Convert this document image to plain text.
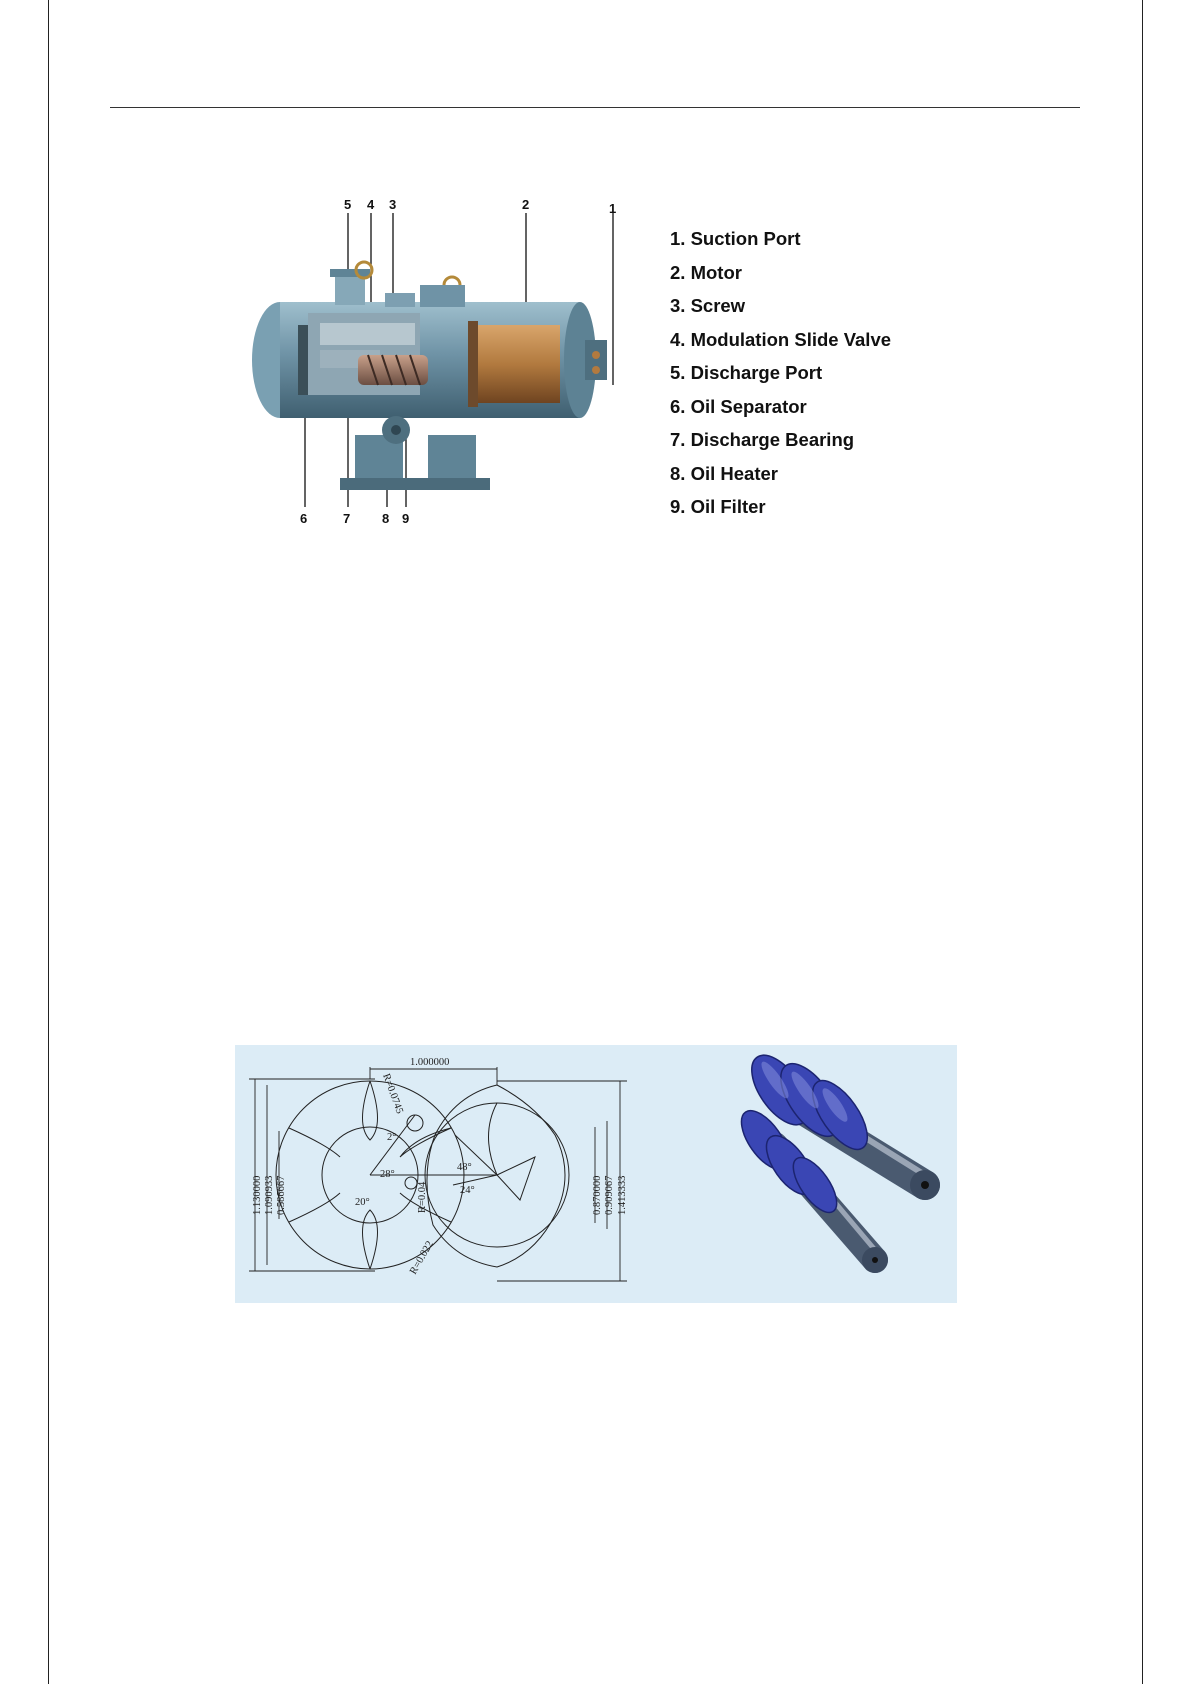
5 4 3	2	1
6	7 8 9
1. Suction Port
2. Motor
3. Screw
4. Modulation Slide Valve
5. Discharge Port
6. Oil Separator
7. Discharge Bearing
8. Oil Heater
9. Oil Filter
1.000000
R=0.0745
R=0.04
R=0.022
2°
28°
20°
48°
24°
1.130000 1.090933 0.586667	0.870000 0.909067 1.413333
